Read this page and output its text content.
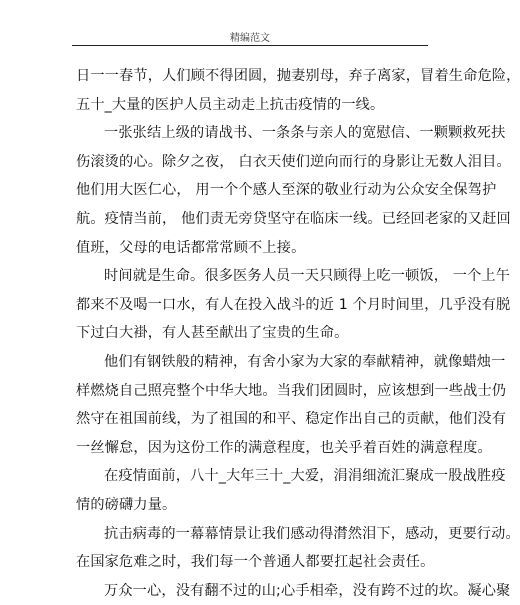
精编范文
日一一春节，人们顾不得团圆，抛妻别母，弃子离家，冒着生命危险，
五十_大量的医护人员主动走上抗击疫情的一线。
一张张结上级的请战书、一条条与亲人的宽慰信、一颗颗救死扶
伤滚烫的心。除夕之夜， 白衣天使们逆向而行的身影让无数人泪目。
他们用大医仁心， 用一个个感人至深的敬业行动为公众安全保驾护
航。疫情当前， 他们责无旁贷坚守在临床一线。已经回老家的又赶回
值班，父母的电话都常常顾不上接。
时间就是生命。很多医务人员一天只顾得上吃一顿饭， 一个上午
都来不及喝一口水，有人在投入战斗的近 1 个月时间里，几乎没有脱
下过白大褂，有人甚至献出了宝贵的生命。
他们有钢铁般的精神，有舍小家为大家的奉献精神，就像蜡烛一
样燃烧自己照亮整个中华大地。当我们团圆时，应该想到一些战士仍
然守在祖国前线，为了祖国的和平、稳定作出自己的贡献，他们没有
一丝懈怠，因为这份工作的满意程度，也关乎着百姓的满意程度。
在疫情面前，八十_大年三十_大爱，涓涓细流汇聚成一股战胜疫
情的磅礴力量。
抗击病毒的一幕幕情景让我们感动得潸然泪下，感动，更要行动。
在国家危难之时，我们每一个普通人都要扛起社会责任。
万众一心，没有翻不过的山;心手相牵，没有跨不过的坎。凝心聚
